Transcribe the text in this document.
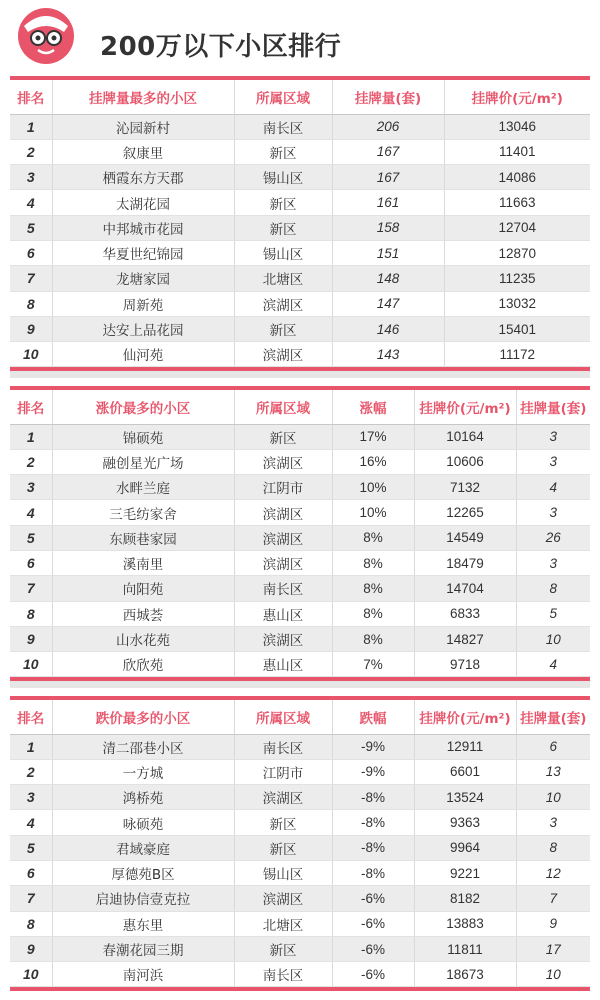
200万以下小区排行
排名	挂牌量最多的小区	所属区域	挂牌量(套)	挂牌价(元/m²)
1	沁园新村	南长区	206	13046
2	叙康里	新区	167	11401
3	栖霞东方天郡	锡山区	167	14086
4	太湖花园	新区	161	11663
5	中邦城市花园	新区	158	12704
6	华夏世纪锦园	锡山区	151	12870
7	龙塘家园	北塘区	148	11235
8	周新苑	滨湖区	147	13032
9	达安上品花园	新区	146	15401
10	仙河苑	滨湖区	143	11172
排名	涨价最多的小区	所属区域	涨幅	挂牌价(元/m²)	挂牌量(套)
1	锦硕苑	新区	17%	10164	3
2	融创星光广场	滨湖区	16%	10606	3
3	水畔兰庭	江阴市	10%	7132	4
4	三毛纺家舍	滨湖区	10%	12265	3
5	东顾巷家园	滨湖区	8%	14549	26
6	溪南里	滨湖区	8%	18479	3
7	向阳苑	南长区	8%	14704	8
8	西城荟	惠山区	8%	6833	5
9	山水花苑	滨湖区	8%	14827	10
10	欣欣苑	惠山区	7%	9718	4
排名	跌价最多的小区	所属区域	跌幅	挂牌价(元/m²)	挂牌量(套)
1	清二邵巷小区	南长区	-9%	12911	6
2	一方城	江阴市	-9%	6601	13
3	鸿桥苑	滨湖区	-8%	13524	10
4	咏硕苑	新区	-8%	9363	3
5	君域豪庭	新区	-8%	9964	8
6	厚德苑B区	锡山区	-8%	9221	12
7	启迪协信壹克拉	滨湖区	-6%	8182	7
8	惠东里	北塘区	-6%	13883	9
9	春潮花园三期	新区	-6%	11811	17
10	南河浜	南长区	-6%	18673	10
